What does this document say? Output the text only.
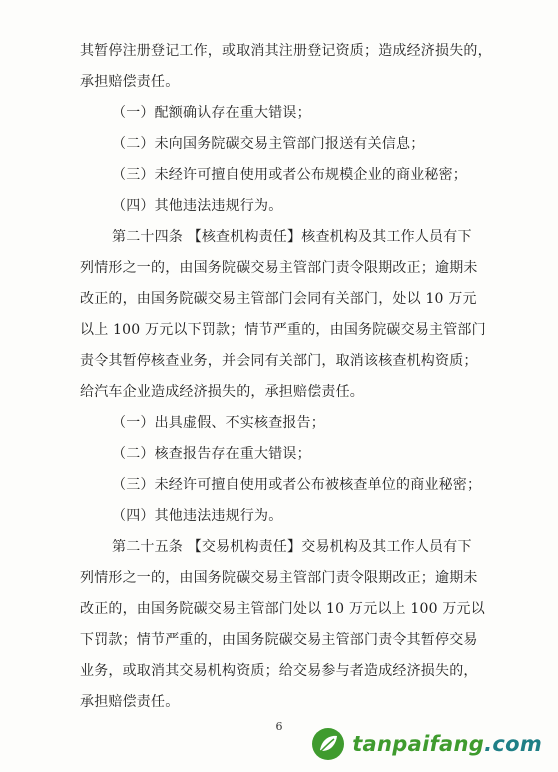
其暂停注册登记工作，或取消其注册登记资质；造成经济损失的，
承担赔偿责任。
（一）配额确认存在重大错误；
（二）未向国务院碳交易主管部门报送有关信息；
（三）未经许可擅自使用或者公布规模企业的商业秘密；
（四）其他违法违规行为。
第二十四条 【核查机构责任】核查机构及其工作人员有下
列情形之一的，由国务院碳交易主管部门责令限期改正；逾期未
改正的，由国务院碳交易主管部门会同有关部门，处以 10 万元
以上 100 万元以下罚款；情节严重的，由国务院碳交易主管部门
责令其暂停核查业务，并会同有关部门，取消该核查机构资质；
给汽车企业造成经济损失的，承担赔偿责任。
（一）出具虚假、不实核查报告；
（二）核查报告存在重大错误；
（三）未经许可擅自使用或者公布被核查单位的商业秘密；
（四）其他违法违规行为。
第二十五条 【交易机构责任】交易机构及其工作人员有下
列情形之一的，由国务院碳交易主管部门责令限期改正；逾期未
改正的，由国务院碳交易主管部门处以 10 万元以上 100 万元以
下罚款；情节严重的，由国务院碳交易主管部门责令其暂停交易
业务，或取消其交易机构资质；给交易参与者造成经济损失的，
承担赔偿责任。
6
tanpaifang.com
